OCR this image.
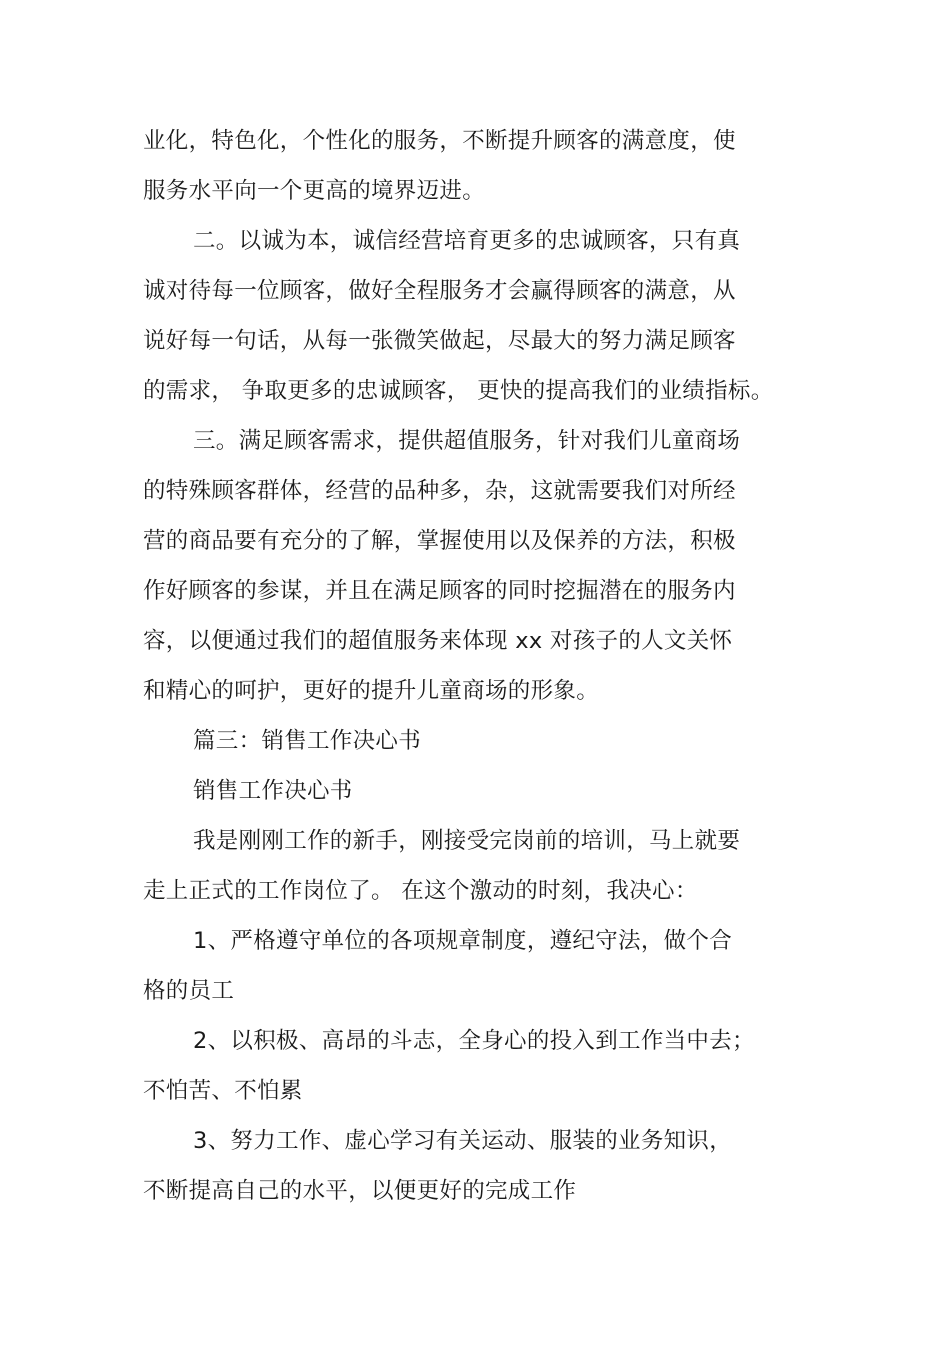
业化，特色化，个性化的服务，不断提升顾客的满意度，使
服务水平向一个更高的境界迈进。
二。以诚为本，诚信经营培育更多的忠诚顾客，只有真
诚对待每一位顾客，做好全程服务才会赢得顾客的满意，从
说好每一句话，从每一张微笑做起，尽最大的努力满足顾客
的需求， 争取更多的忠诚顾客， 更快的提高我们的业绩指标。
三。满足顾客需求，提供超值服务，针对我们儿童商场
的特殊顾客群体，经营的品种多，杂，这就需要我们对所经
营的商品要有充分的了解，掌握使用以及保养的方法，积极
作好顾客的参谋，并且在满足顾客的同时挖掘潜在的服务内
容，以便通过我们的超值服务来体现 xx 对孩子的人文关怀
和精心的呵护，更好的提升儿童商场的形象。
篇三：销售工作决心书
销售工作决心书
我是刚刚工作的新手，刚接受完岗前的培训，马上就要
走上正式的工作岗位了。 在这个激动的时刻，我决心：
1、严格遵守单位的各项规章制度，遵纪守法，做个合
格的员工
2、以积极、高昂的斗志，全身心的投入到工作当中去；
不怕苦、不怕累
3、努力工作、虚心学习有关运动、服装的业务知识，
不断提高自己的水平，以便更好的完成工作
